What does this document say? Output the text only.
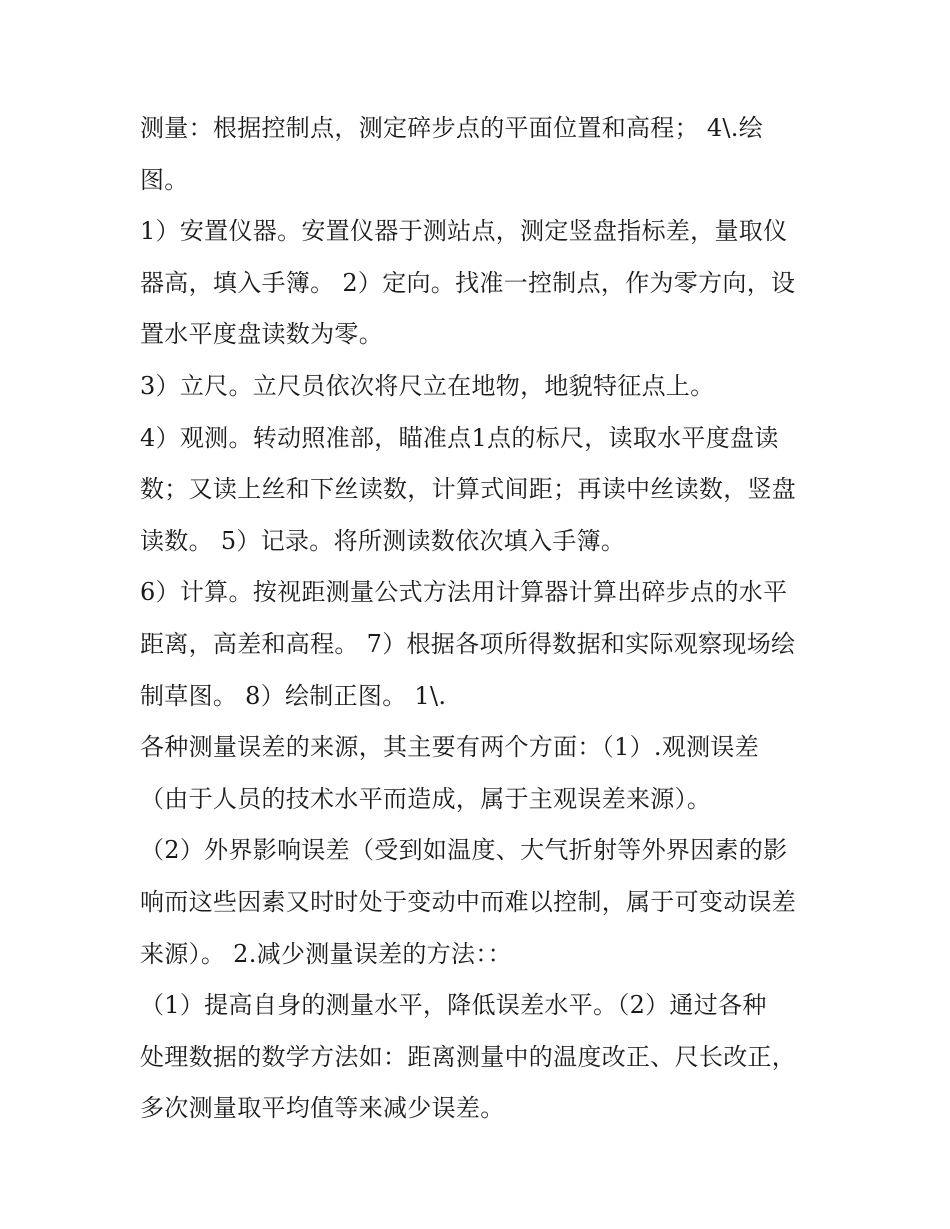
测量：根据控制点，测定碎步点的平面位置和高程； 4\.绘
图。
1）安置仪器。安置仪器于测站点，测定竖盘指标差，量取仪
器高，填入手簿。 2）定向。找准一控制点，作为零方向，设
置水平度盘读数为零。
3）立尺。立尺员依次将尺立在地物，地貌特征点上。
4）观测。转动照准部，瞄准点1点的标尺，读取水平度盘读
数；又读上丝和下丝读数，计算式间距；再读中丝读数，竖盘
读数。 5）记录。将所测读数依次填入手簿。
6）计算。按视距测量公式方法用计算器计算出碎步点的水平
距离，高差和高程。 7）根据各项所得数据和实际观察现场绘
制草图。 8）绘制正图。 1\.
各种测量误差的来源，其主要有两个方面：（1）.观测误差
（由于人员的技术水平而造成，属于主观误差来源）。
（2）外界影响误差（受到如温度、大气折射等外界因素的影
响而这些因素又时时处于变动中而难以控制，属于可变动误差
来源）。 2.减少测量误差的方法：：
（1）提高自身的测量水平，降低误差水平。（2）通过各种
处理数据的数学方法如：距离测量中的温度改正、尺长改正，
多次测量取平均值等来减少误差。
